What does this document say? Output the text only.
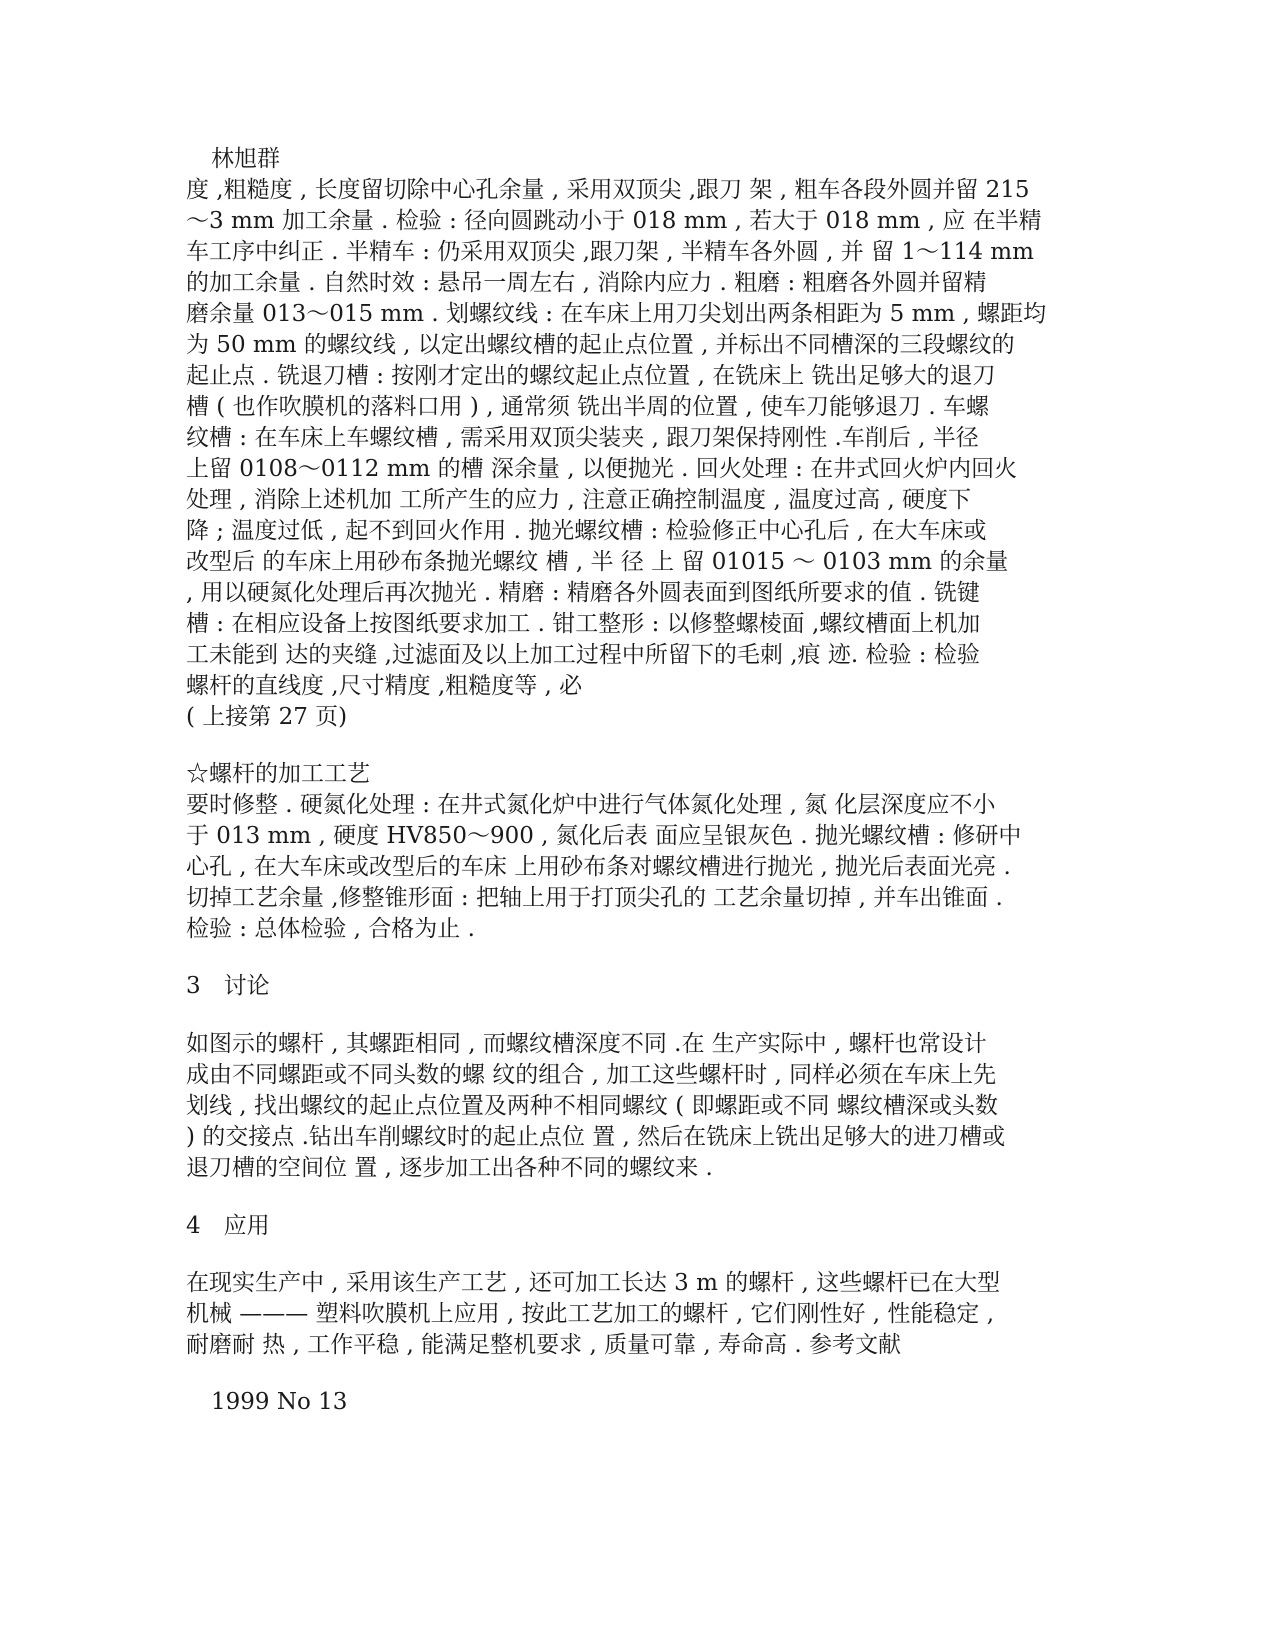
林旭群
度 ,粗糙度 , 长度留切除中心孔余量 , 采用双顶尖 ,跟刀 架 , 粗车各段外圆并留 215
～3 mm 加工余量 . 检验 : 径向圆跳动小于 018 mm , 若大于 018 mm , 应 在半精
车工序中纠正 . 半精车 : 仍采用双顶尖 ,跟刀架 , 半精车各外圆 , 并 留 1～114 mm
的加工余量 . 自然时效 : 悬吊一周左右 , 消除内应力 . 粗磨 : 粗磨各外圆并留精
磨余量 013～015 mm . 划螺纹线 : 在车床上用刀尖划出两条相距为 5 mm , 螺距均
为 50 mm 的螺纹线 , 以定出螺纹槽的起止点位置 , 并标出不同槽深的三段螺纹的
起止点 . 铣退刀槽 : 按刚才定出的螺纹起止点位置 , 在铣床上 铣出足够大的退刀
槽 ( 也作吹膜机的落料口用 ) , 通常须 铣出半周的位置 , 使车刀能够退刀 . 车螺
纹槽 : 在车床上车螺纹槽 , 需采用双顶尖装夹 , 跟刀架保持刚性 .车削后 , 半径
上留 0108～0112 mm 的槽 深余量 , 以便抛光 . 回火处理 : 在井式回火炉内回火
处理 , 消除上述机加 工所产生的应力 , 注意正确控制温度 , 温度过高 , 硬度下
降 ; 温度过低 , 起不到回火作用 . 抛光螺纹槽 : 检验修正中心孔后 , 在大车床或
改型后 的车床上用砂布条抛光螺纹 槽 , 半 径 上 留 01015 ～ 0103 mm 的余量
, 用以硬氮化处理后再次抛光 . 精磨 : 精磨各外圆表面到图纸所要求的值 . 铣键
槽 : 在相应设备上按图纸要求加工 . 钳工整形 : 以修整螺棱面 ,螺纹槽面上机加
工未能到 达的夹缝 ,过滤面及以上加工过程中所留下的毛刺 ,痕 迹. 检验 : 检验
螺杆的直线度 ,尺寸精度 ,粗糙度等 , 必
( 上接第 27 页)
☆螺杆的加工工艺
要时修整 . 硬氮化处理 : 在井式氮化炉中进行气体氮化处理 , 氮 化层深度应不小
于 013 mm , 硬度 HV850～900 , 氮化后表 面应呈银灰色 . 抛光螺纹槽 : 修研中
心孔 , 在大车床或改型后的车床 上用砂布条对螺纹槽进行抛光 , 抛光后表面光亮 .
切掉工艺余量 ,修整锥形面 : 把轴上用于打顶尖孔的 工艺余量切掉 , 并车出锥面 .
检验 : 总体检验 , 合格为止 .
3　讨论
如图示的螺杆 , 其螺距相同 , 而螺纹槽深度不同 .在 生产实际中 , 螺杆也常设计
成由不同螺距或不同头数的螺 纹的组合 , 加工这些螺杆时 , 同样必须在车床上先
划线 , 找出螺纹的起止点位置及两种不相同螺纹 ( 即螺距或不同 螺纹槽深或头数
) 的交接点 .钻出车削螺纹时的起止点位 置 , 然后在铣床上铣出足够大的进刀槽或
退刀槽的空间位 置 , 逐步加工出各种不同的螺纹来 .
4　应用
在现实生产中 , 采用该生产工艺 , 还可加工长达 3 m 的螺杆 , 这些螺杆已在大型
机械 ——— 塑料吹膜机上应用 , 按此工艺加工的螺杆 , 它们刚性好 , 性能稳定 ,
耐磨耐 热 , 工作平稳 , 能满足整机要求 , 质量可靠 , 寿命高 . 参考文献
1999 No 13
